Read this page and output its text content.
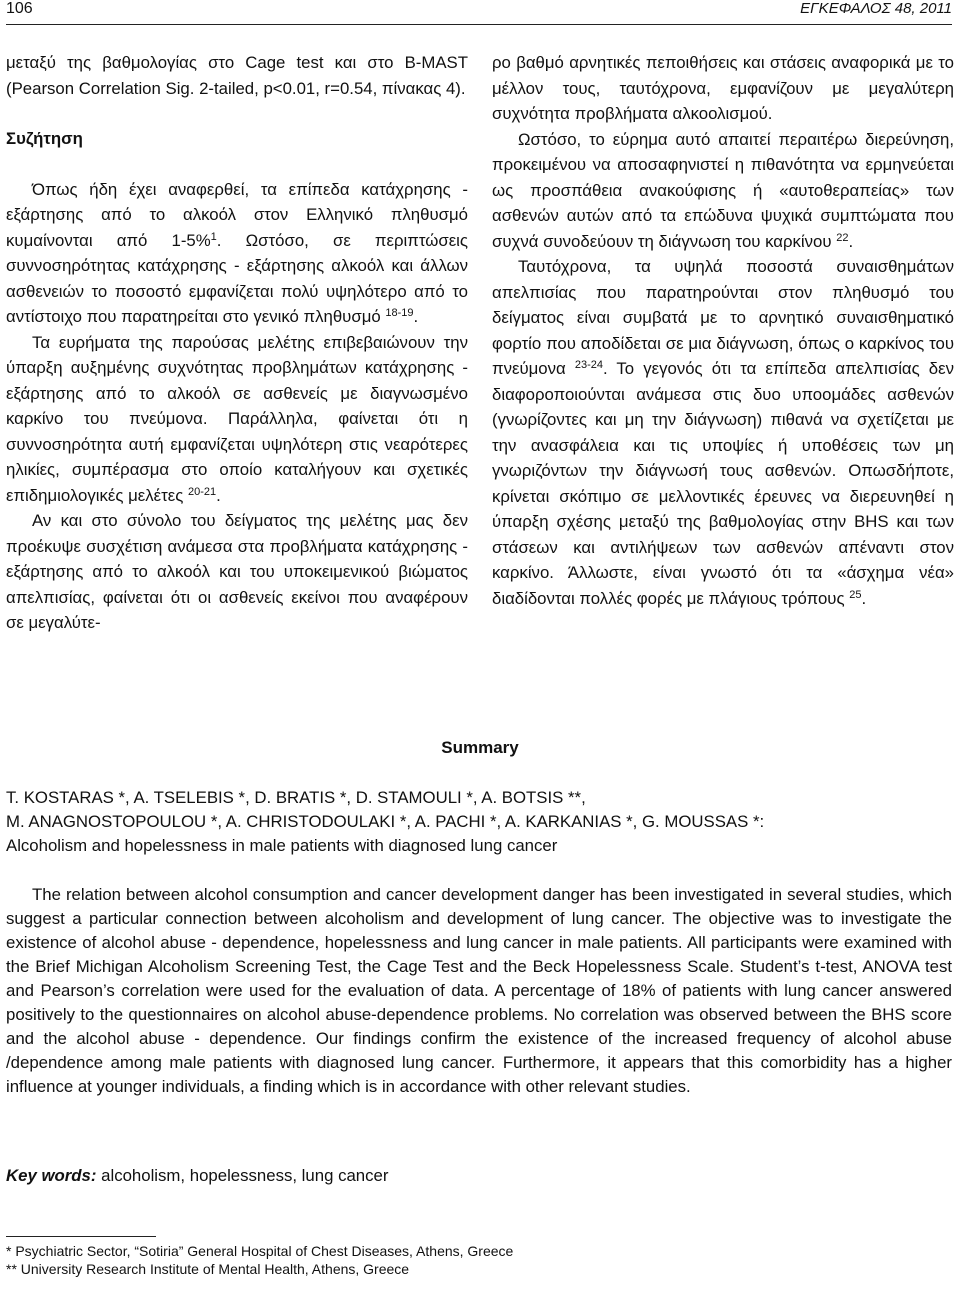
106	ΕΓΚΕΦΑΛΟΣ 48, 2011

μεταξύ της βαθμολογίας στο Cage test και στο B-MAST (Pearson Correlation Sig. 2-tailed, p<0.01, r=0.54, πίνακας 4).

Συζήτηση

Όπως ήδη έχει αναφερθεί, τα επίπεδα κατάχρησης - εξάρτησης από το αλκοόλ στον Ελληνικό πληθυσμό κυμαίνονται από 1-5%$^1$. Ωστόσο, σε περιπτώσεις συννοσηρότητας κατάχρησης - εξάρτησης αλκοόλ και άλλων ασθενειών το ποσοστό εμφανίζεται πολύ υψηλότερο από το αντίστοιχο που παρατηρείται στο γενικό πληθυσμό $^{18-19}$.

Τα ευρήματα της παρούσας μελέτης επιβεβαιώνουν την ύπαρξη αυξημένης συχνότητας προβλημάτων κατάχρησης - εξάρτησης από το αλκοόλ σε ασθενείς με διαγνωσμένο καρκίνο του πνεύμονα. Παράλληλα, φαίνεται ότι η συννοσηρότητα αυτή εμφανίζεται υψηλότερη στις νεαρότερες ηλικίες, συμπέρασμα στο οποίο καταλήγουν και σχετικές επιδημιολογικές μελέτες $^{20-21}$.

Αν και στο σύνολο του δείγματος της μελέτης μας δεν προέκυψε συσχέτιση ανάμεσα στα προβλήματα κατάχρησης - εξάρτησης από το αλκοόλ και του υποκειμενικού βιώματος απελπισίας, φαίνεται ότι οι ασθενείς εκείνοι που αναφέρουν σε μεγαλύτε-

ρο βαθμό αρνητικές πεποιθήσεις και στάσεις αναφορικά με το μέλλον τους, ταυτόχρονα, εμφανίζουν με μεγαλύτερη συχνότητα προβλήματα αλκοολισμού.

Ωστόσο, το εύρημα αυτό απαιτεί περαιτέρω διερεύνηση, προκειμένου να αποσαφηνιστεί η πιθανότητα να ερμηνεύεται ως προσπάθεια ανακούφισης ή «αυτοθεραπείας» των ασθενών αυτών από τα επώδυνα ψυχικά συμπτώματα που συχνά συνοδεύουν τη διάγνωση του καρκίνου $^{22}$.

Ταυτόχρονα, τα υψηλά ποσοστά συναισθημάτων απελπισίας που παρατηρούνται στον πληθυσμό του δείγματος είναι συμβατά με το αρνητικό συναισθηματικό φορτίο που αποδίδεται σε μια διάγνωση, όπως ο καρκίνος του πνεύμονα $^{23-24}$. Το γεγονός ότι τα επίπεδα απελπισίας δεν διαφοροποιούνται ανάμεσα στις δυο υποομάδες ασθενών (γνωρίζοντες και μη την διάγνωση) πιθανά να σχετίζεται με την ανασφάλεια και τις υποψίες ή υποθέσεις των μη γνωριζόντων την διάγνωσή τους ασθενών. Οπωσδήποτε, κρίνεται σκόπιμο σε μελλοντικές έρευνες να διερευνηθεί η ύπαρξη σχέσης μεταξύ της βαθμολογίας στην BHS και των στάσεων και αντιλήψεων των ασθενών απέναντι στον καρκίνο. Άλλωστε, είναι γνωστό ότι τα «άσχημα νέα» διαδίδονται πολλές φορές με πλάγιους τρόπους $^{25}$.

Summary
T. KOSTARAS *, A. TSELEBIS *, D. BRATIS *, D. STAMOULI *, A. BOTSIS **,
M. ANAGNOSTOPOULOU *, A. CHRISTODOULAKI *, A. PACHI *, A. KARKANIAS *, G. MOUSSAS *:
Alcoholism and hopelessness in male patients with diagnosed lung cancer

The relation between alcohol consumption and cancer development danger has been investigated in several studies, which suggest a particular connection between alcoholism and development of lung cancer. The objective was to investigate the existence of alcohol abuse - dependence, hopelessness and lung cancer in male patients. All participants were examined with the Brief Michigan Alcoholism Screening Test, the Cage Test and the Beck Hopelessness Scale. Student’s t-test, ANOVA test and Pearson’s correlation were used for the evaluation of data. A percentage of 18% of patients with lung cancer answered positively to the questionnaires on alcohol abuse-dependence problems. No correlation was observed between the BHS score and the alcohol abuse - dependence. Our findings confirm the existence of the increased frequency of alcohol abuse /dependence among male patients with diagnosed lung cancer. Furthermore, it appears that this comorbidity has a higher influence at younger individuals, a finding which is in accordance with other relevant studies.

Key words: alcoholism, hopelessness, lung cancer
* Psychiatric Sector, “Sotiria” General Hospital of Chest Diseases, Athens, Greece
** University Research Institute of Mental Health, Athens, Greece
